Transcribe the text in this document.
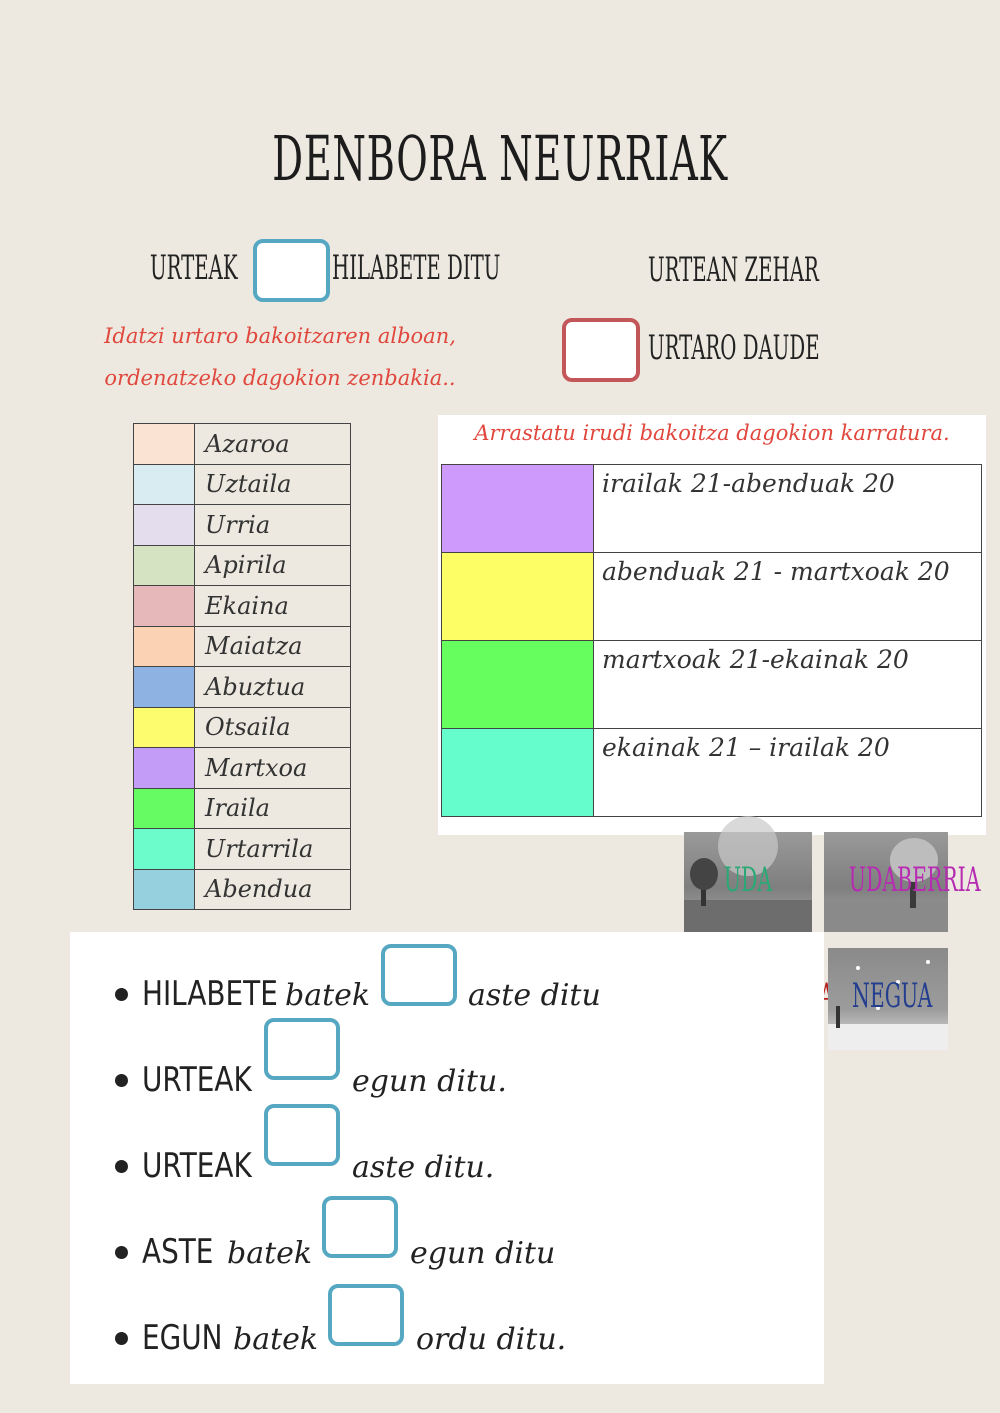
DENBORA NEURRIAK
URTEAK	HILABETE DITU	URTEAN ZEHAR
Idatzi urtaro bakoitzaren alboan,
ordenatzeko dagokion zenbakia..
URTARO DAUDE
	Azaroa
	Uztaila
	Urria
	Apirila
	Ekaina
	Maiatza
	Abuztua
	Otsaila
	Martxoa
	Iraila
	Urtarrila
	Abendua
Arrastatu irudi bakoitza dagokion karratura.
	irailak 21-abenduak 20
	abenduak 21 - martxoak 20
	martxoak 21-ekainak 20
	ekainak 21 – irailak 20
UDA	UDABERRIA
NEGUA
HILABETE batek	aste ditu
URTEAK	egun ditu.
URTEAK	aste ditu.
ASTE batek	egun ditu
EGUN batek	ordu ditu.
